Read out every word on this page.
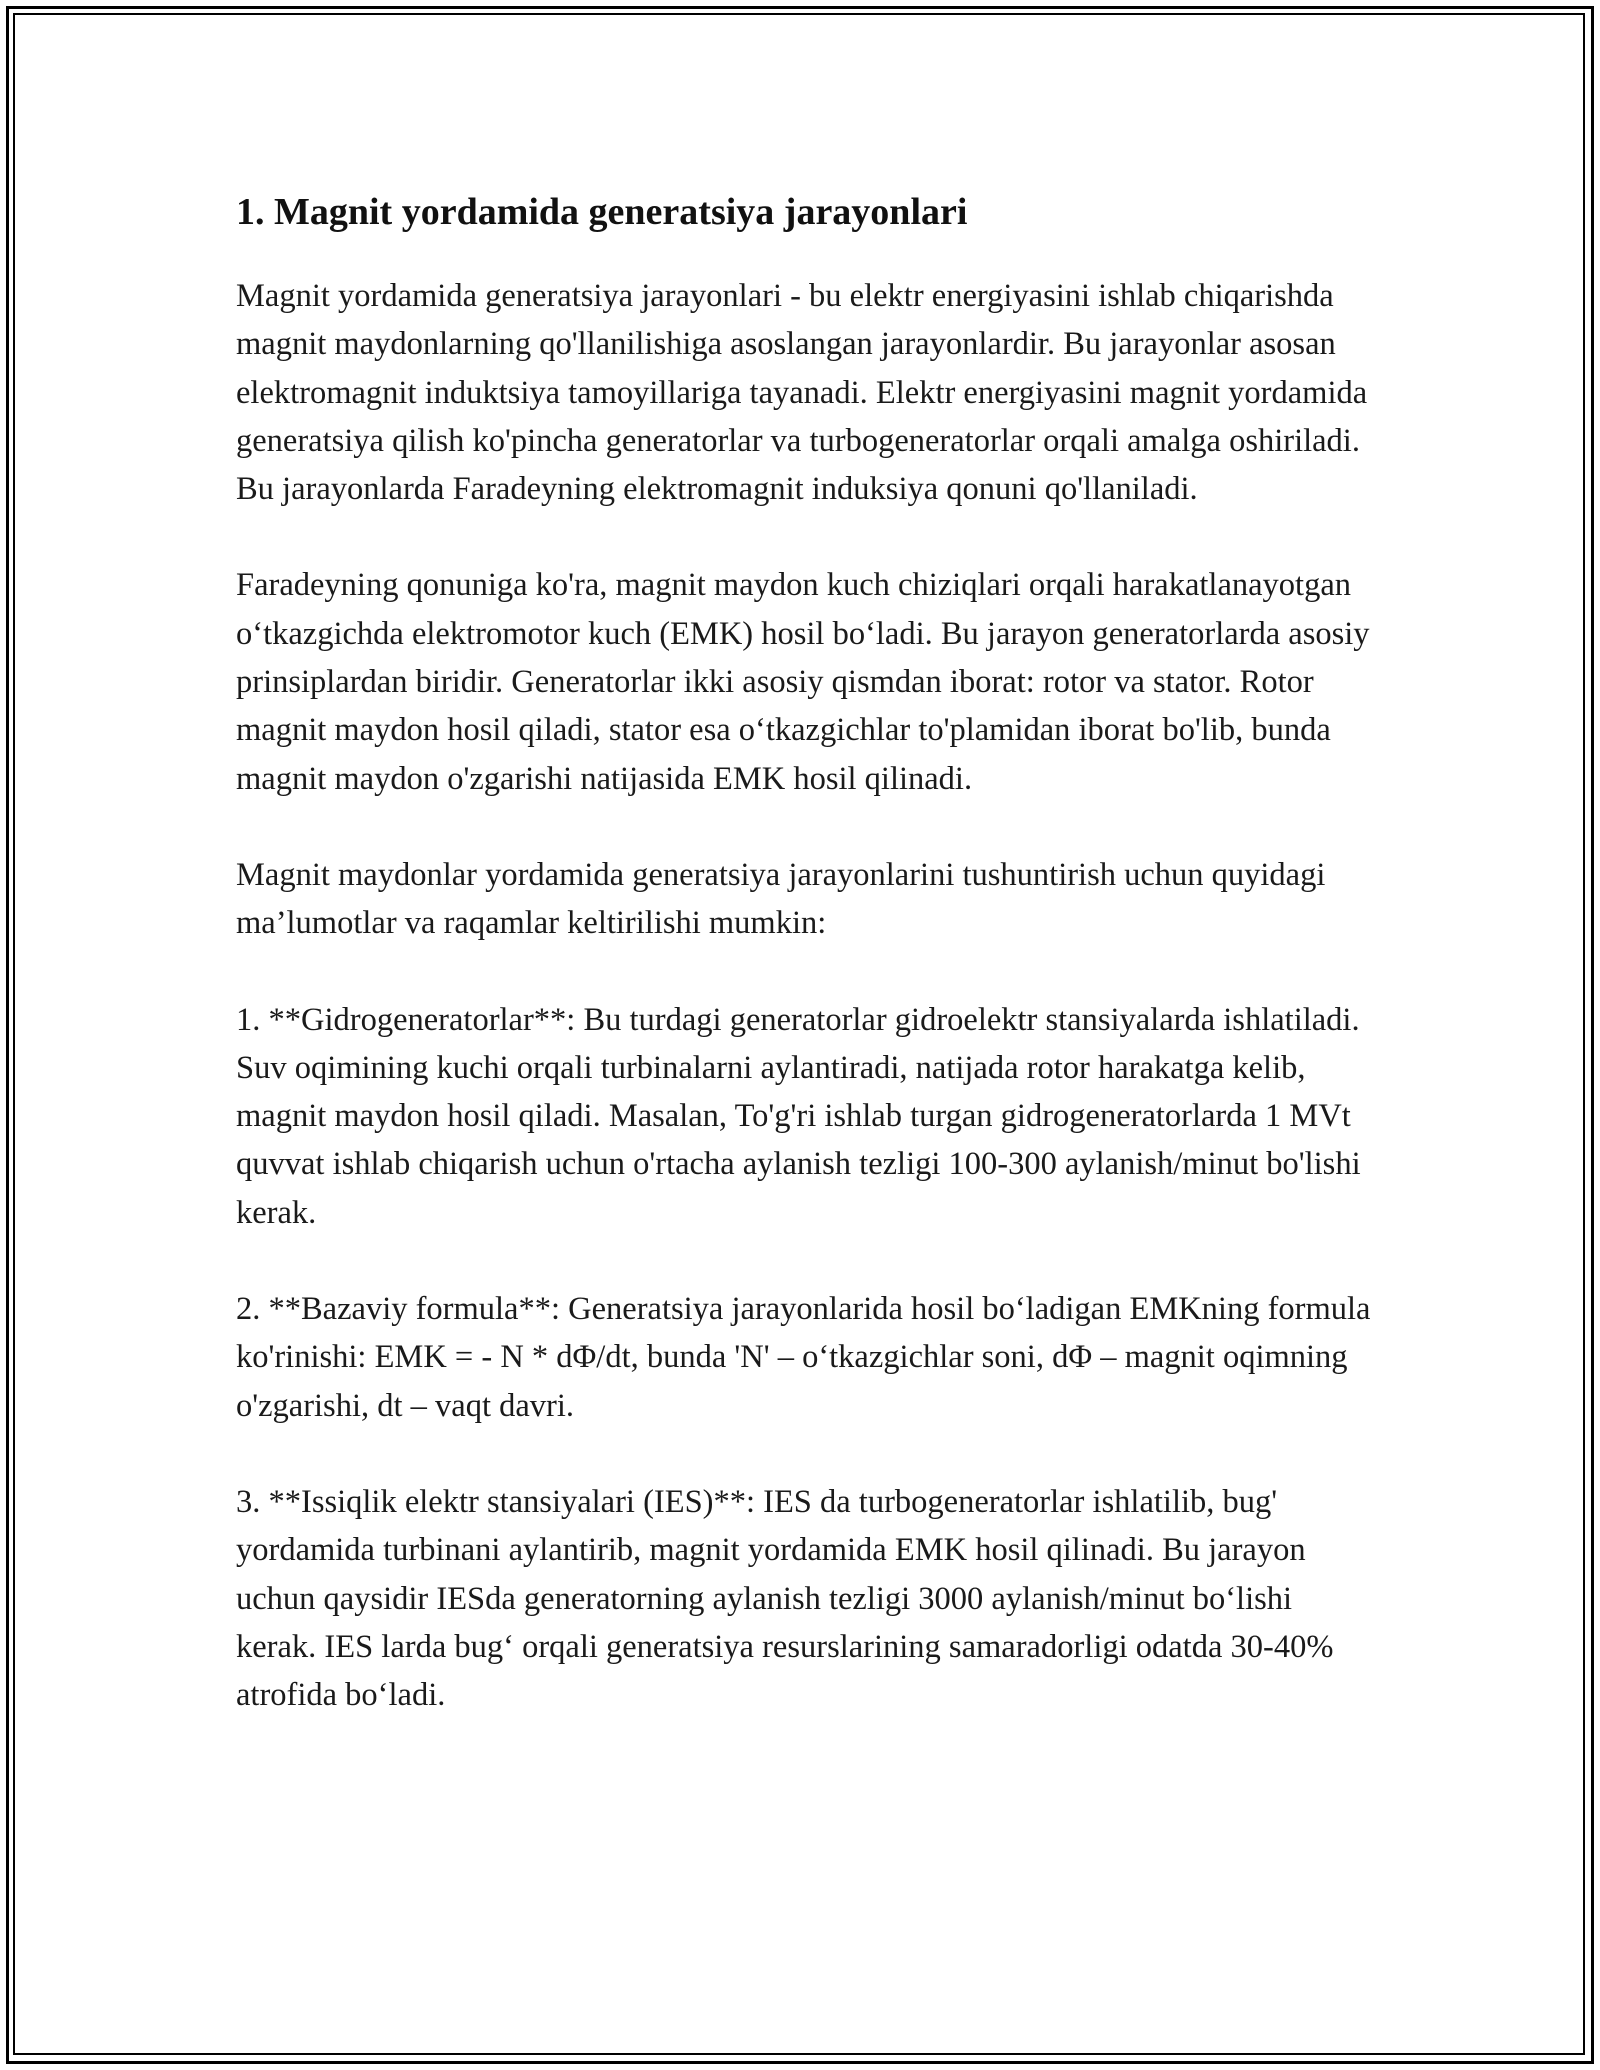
1. Magnit yordamida generatsiya jarayonlari

Magnit yordamida generatsiya jarayonlari - bu elektr energiyasini ishlab chiqarishda magnit maydonlarning qo'llanilishiga asoslangan jarayonlardir. Bu jarayonlar asosan elektromagnit induktsiya tamoyillariga tayanadi. Elektr energiyasini magnit yordamida generatsiya qilish ko'pincha generatorlar va turbogeneratorlar orqali amalga oshiriladi. Bu jarayonlarda Faradeyning elektromagnit induksiya qonuni qo'llaniladi.

Faradeyning qonuniga ko'ra, magnit maydon kuch chiziqlari orqali harakatlanayotgan o‘tkazgichda elektromotor kuch (EMK) hosil bo‘ladi. Bu jarayon generatorlarda asosiy prinsiplardan biridir. Generatorlar ikki asosiy qismdan iborat: rotor va stator. Rotor magnit maydon hosil qiladi, stator esa o‘tkazgichlar to'plamidan iborat bo'lib, bunda magnit maydon o'zgarishi natijasida EMK hosil qilinadi.

Magnit maydonlar yordamida generatsiya jarayonlarini tushuntirish uchun quyidagi ma’lumotlar va raqamlar keltirilishi mumkin:

1. **Gidrogeneratorlar**: Bu turdagi generatorlar gidroelektr stansiyalarda ishlatiladi. Suv oqimining kuchi orqali turbinalarni aylantiradi, natijada rotor harakatga kelib, magnit maydon hosil qiladi. Masalan, To'g'ri ishlab turgan gidrogeneratorlarda 1 MVt quvvat ishlab chiqarish uchun o'rtacha aylanish tezligi 100-300 aylanish/minut bo'lishi kerak.

2. **Bazaviy formula**: Generatsiya jarayonlarida hosil bo‘ladigan EMKning formula ko'rinishi: EMK = - N * dΦ/dt, bunda 'N' – o‘tkazgichlar soni, dΦ – magnit oqimning o'zgarishi, dt – vaqt davri.

3. **Issiqlik elektr stansiyalari (IES)**: IES da turbogeneratorlar ishlatilib, bug' yordamida turbinani aylantirib, magnit yordamida EMK hosil qilinadi. Bu jarayon uchun qaysidir IESda generatorning aylanish tezligi 3000 aylanish/minut bo‘lishi kerak. IES larda bug‘ orqali generatsiya resurslarining samaradorligi odatda 30-40% atrofida bo‘ladi.
